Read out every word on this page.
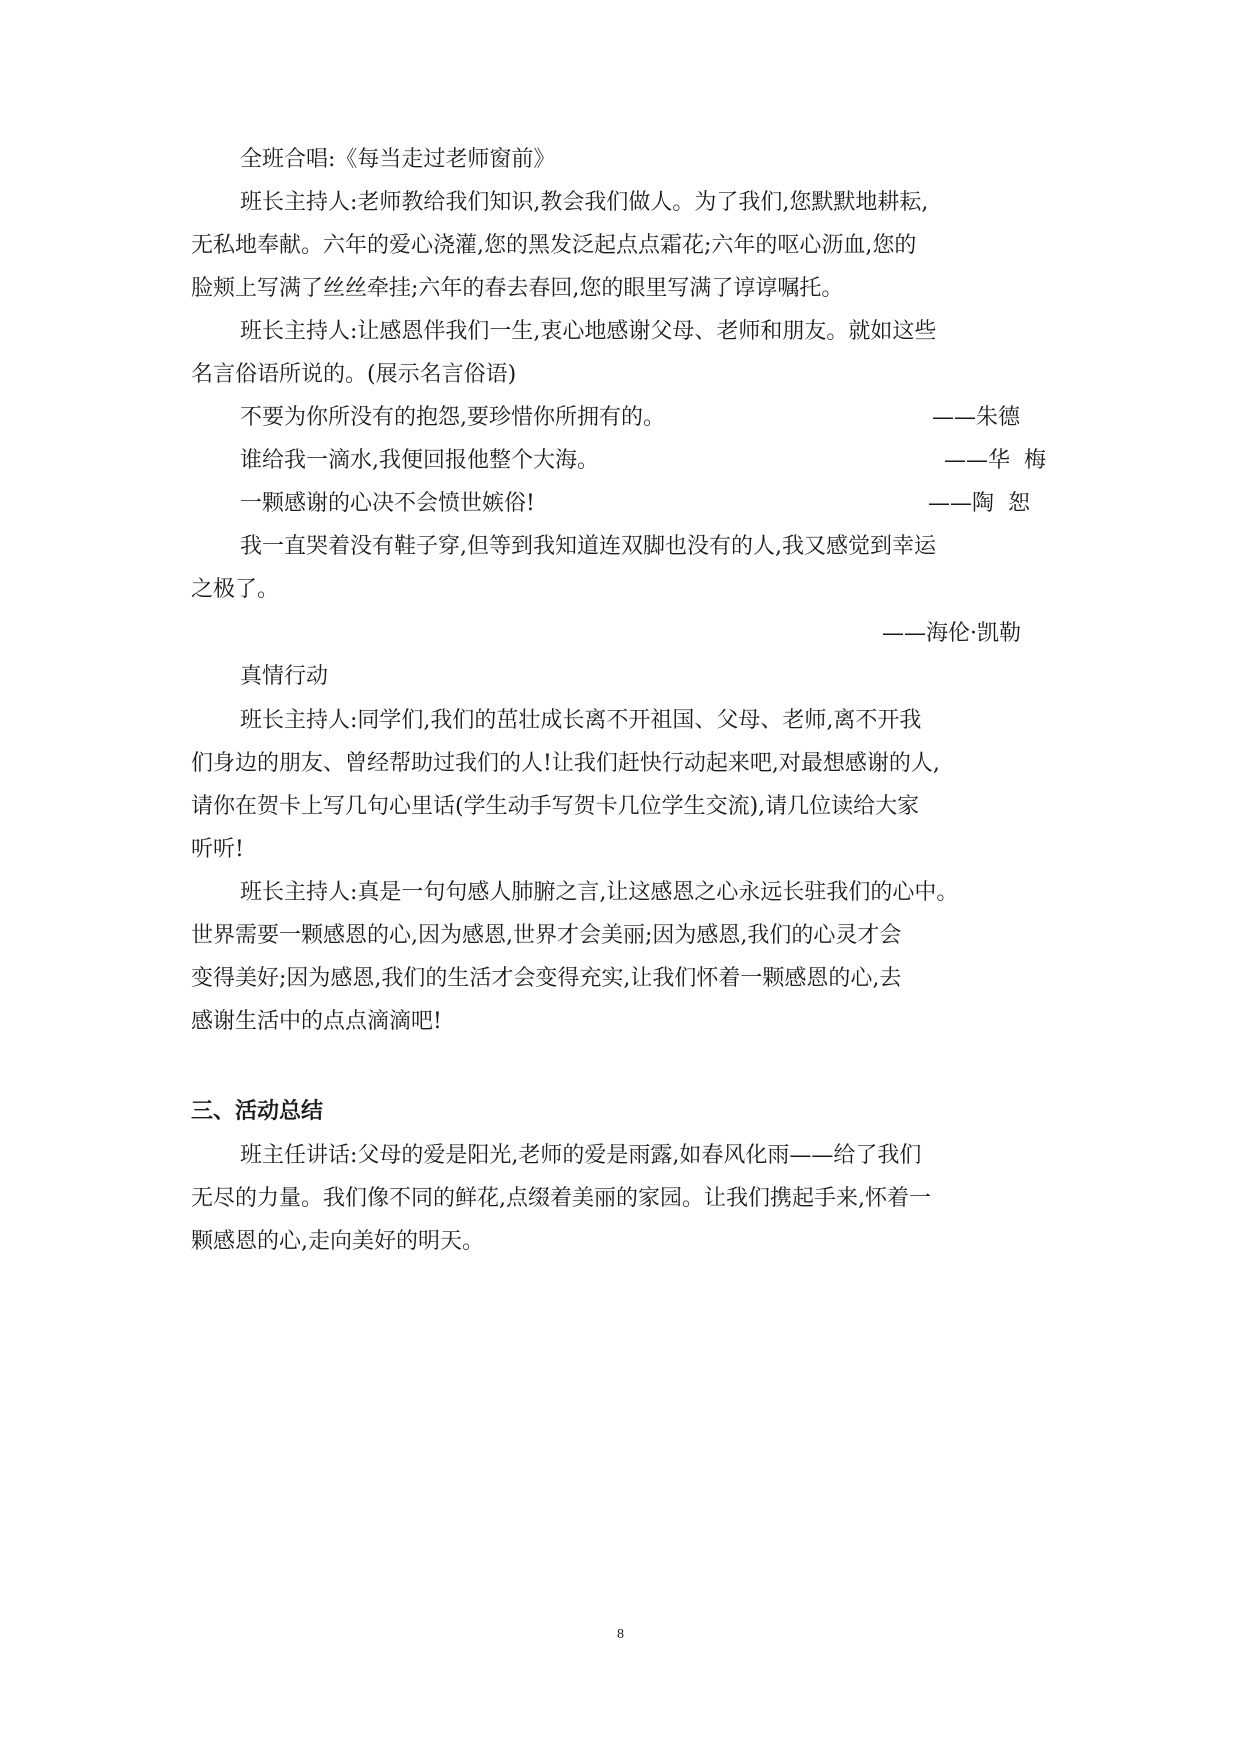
全班合唱:《每当走过老师窗前》

班长主持人:老师教给我们知识,教会我们做人。为了我们,您默默地耕耘,

无私地奉献。六年的爱心浇灌,您的黑发泛起点点霜花;六年的呕心沥血,您的

脸颊上写满了丝丝牵挂;六年的春去春回,您的眼里写满了谆谆嘱托。

班长主持人:让感恩伴我们一生,衷心地感谢父母、老师和朋友。就如这些

名言俗语所说的。(展示名言俗语)

不要为你所没有的抱怨,要珍惜你所拥有的。	——朱德

谁给我一滴水,我便回报他整个大海。	——华  梅

一颗感谢的心决不会愤世嫉俗!	——陶  恕

我一直哭着没有鞋子穿,但等到我知道连双脚也没有的人,我又感觉到幸运

之极了。

——海伦·凯勒

真情行动

班长主持人:同学们,我们的茁壮成长离不开祖国、父母、老师,离不开我

们身边的朋友、曾经帮助过我们的人!让我们赶快行动起来吧,对最想感谢的人,

请你在贺卡上写几句心里话(学生动手写贺卡几位学生交流),请几位读给大家

听听!

班长主持人:真是一句句感人肺腑之言,让这感恩之心永远长驻我们的心中。

世界需要一颗感恩的心,因为感恩,世界才会美丽;因为感恩,我们的心灵才会

变得美好;因为感恩,我们的生活才会变得充实,让我们怀着一颗感恩的心,去

感谢生活中的点点滴滴吧!

三、活动总结

班主任讲话:父母的爱是阳光,老师的爱是雨露,如春风化雨——给了我们

无尽的力量。我们像不同的鲜花,点缀着美丽的家园。让我们携起手来,怀着一

颗感恩的心,走向美好的明天。

8
